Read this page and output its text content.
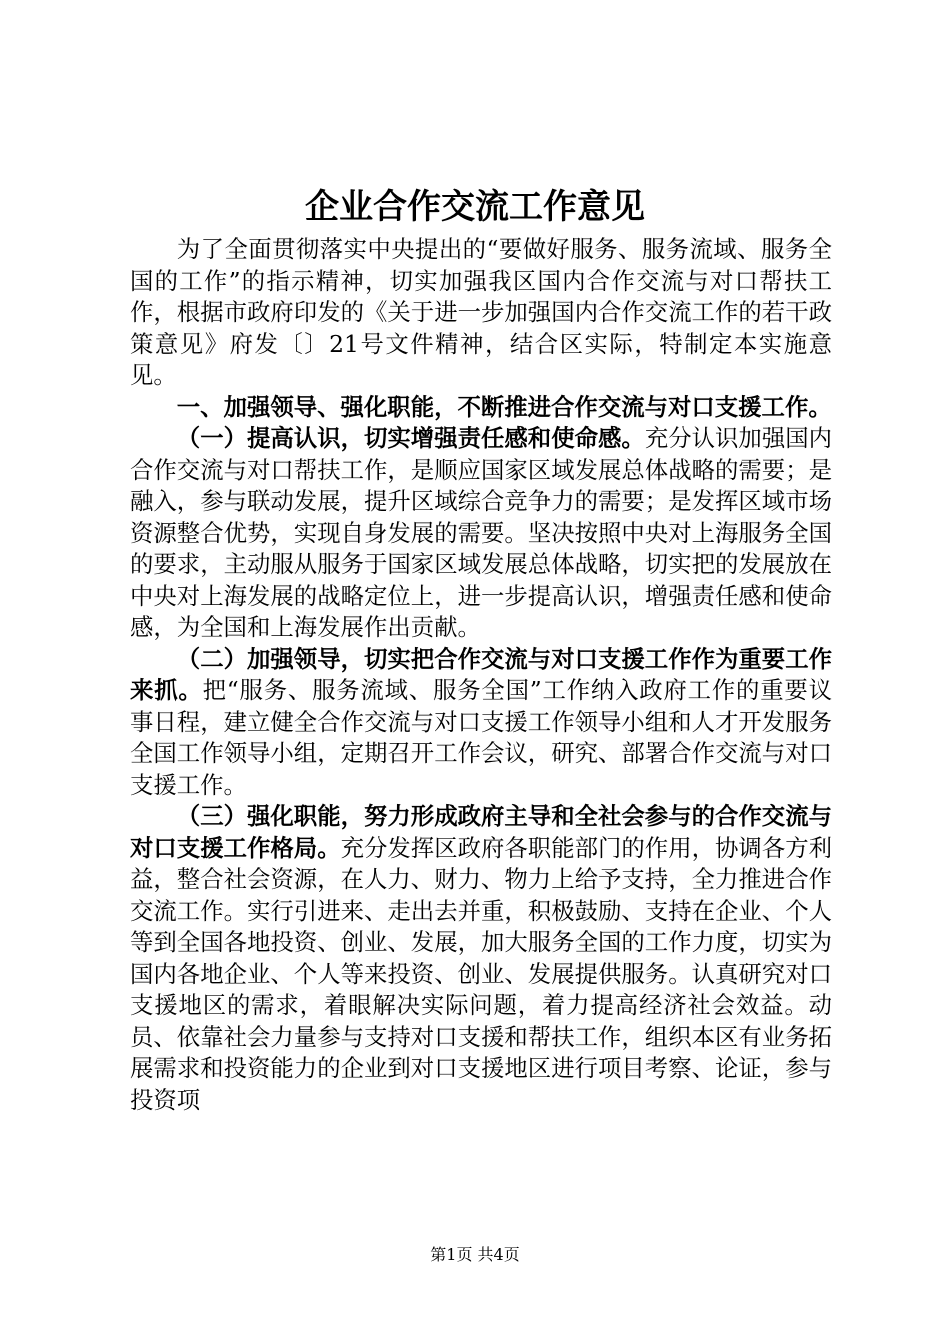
企业合作交流工作意见

为了全面贯彻落实中央提出的“要做好服务、服务流域、服务全国的工作”的指示精神，切实加强我区国内合作交流与对口帮扶工作，根据市政府印发的《关于进一步加强国内合作交流工作的若干政策意见》府发〔〕21号文件精神，结合区实际，特制定本实施意见。

一、加强领导、强化职能，不断推进合作交流与对口支援工作。

（一）提高认识，切实增强责任感和使命感。充分认识加强国内合作交流与对口帮扶工作，是顺应国家区域发展总体战略的需要；是融入，参与联动发展，提升区域综合竞争力的需要；是发挥区域市场资源整合优势，实现自身发展的需要。坚决按照中央对上海服务全国的要求，主动服从服务于国家区域发展总体战略，切实把的发展放在中央对上海发展的战略定位上，进一步提高认识，增强责任感和使命感，为全国和上海发展作出贡献。

（二）加强领导，切实把合作交流与对口支援工作作为重要工作来抓。把“服务、服务流域、服务全国”工作纳入政府工作的重要议事日程，建立健全合作交流与对口支援工作领导小组和人才开发服务全国工作领导小组，定期召开工作会议，研究、部署合作交流与对口支援工作。

（三）强化职能，努力形成政府主导和全社会参与的合作交流与对口支援工作格局。充分发挥区政府各职能部门的作用，协调各方利益，整合社会资源，在人力、财力、物力上给予支持，全力推进合作交流工作。实行引进来、走出去并重，积极鼓励、支持在企业、个人等到全国各地投资、创业、发展，加大服务全国的工作力度，切实为国内各地企业、个人等来投资、创业、发展提供服务。认真研究对口支援地区的需求，着眼解决实际问题，着力提高经济社会效益。动员、依靠社会力量参与支持对口支援和帮扶工作，组织本区有业务拓展需求和投资能力的企业到对口支援地区进行项目考察、论证，参与投资项

第1页 共4页
